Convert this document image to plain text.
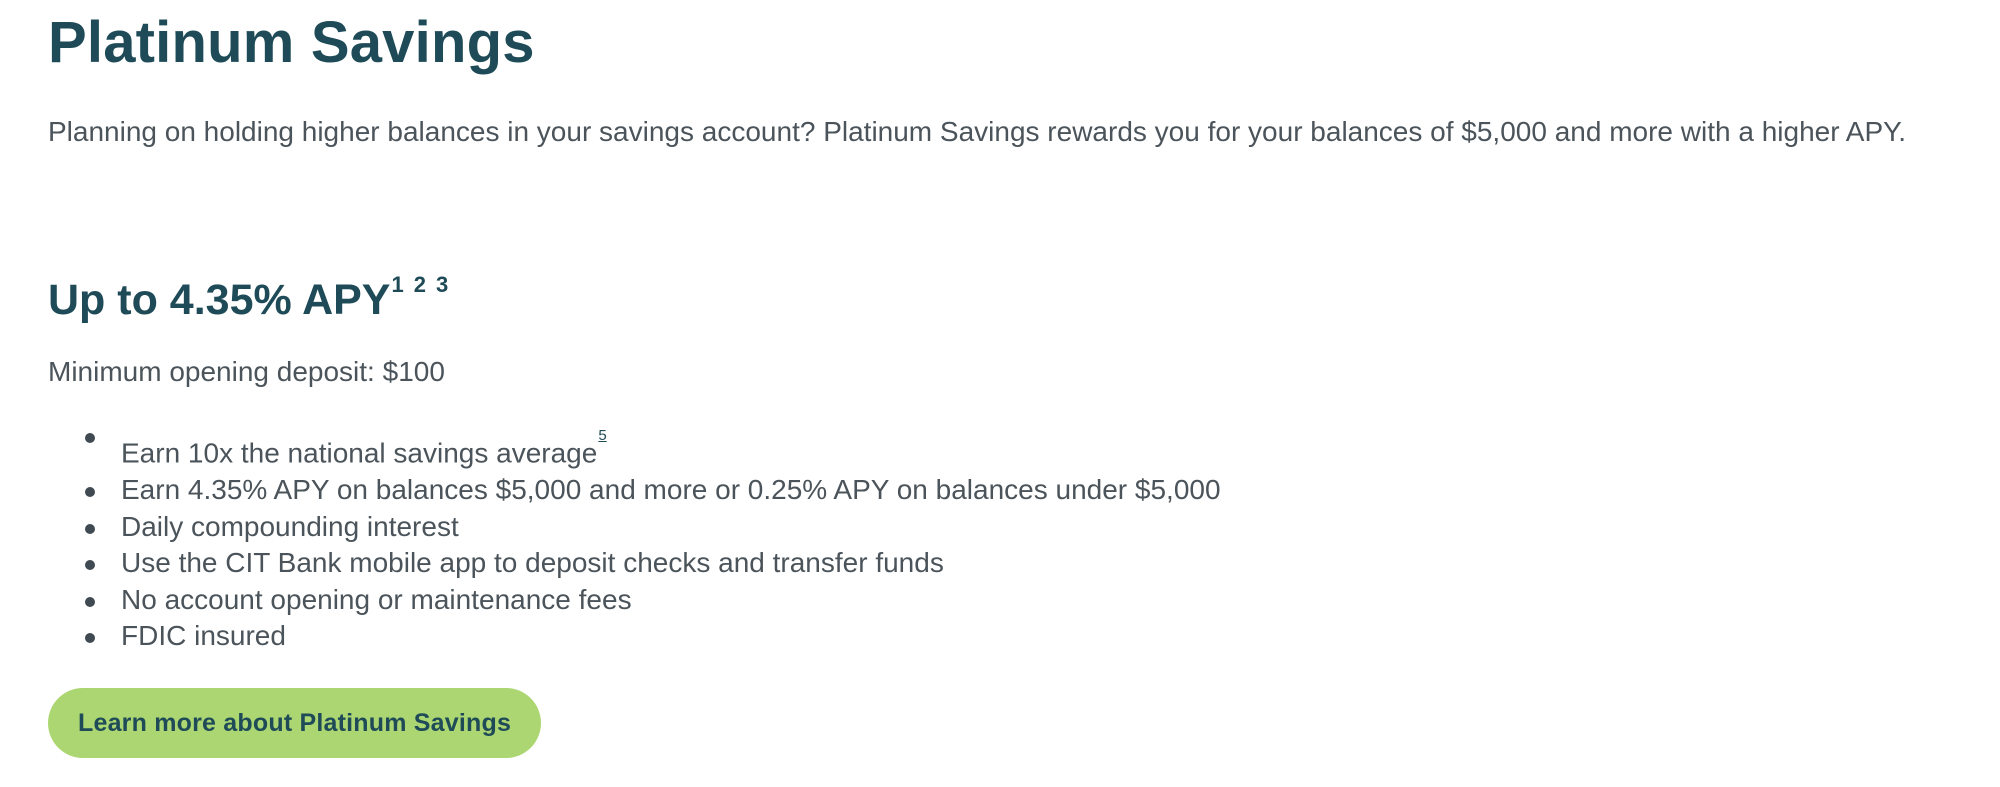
Platinum Savings

Planning on holding higher balances in your savings account? Platinum Savings rewards you for your balances of $5,000 and more with a higher APY.

Up to 4.35% APY$^1$ $^2$ $^3$

Minimum opening deposit: $100

Earn 10x the national savings average$^{^5}$
Earn 4.35% APY on balances $5,000 and more or 0.25% APY on balances under $5,000
Daily compounding interest
Use the CIT Bank mobile app to deposit checks and transfer funds
No account opening or maintenance fees
FDIC insured
Learn more about Platinum Savings
